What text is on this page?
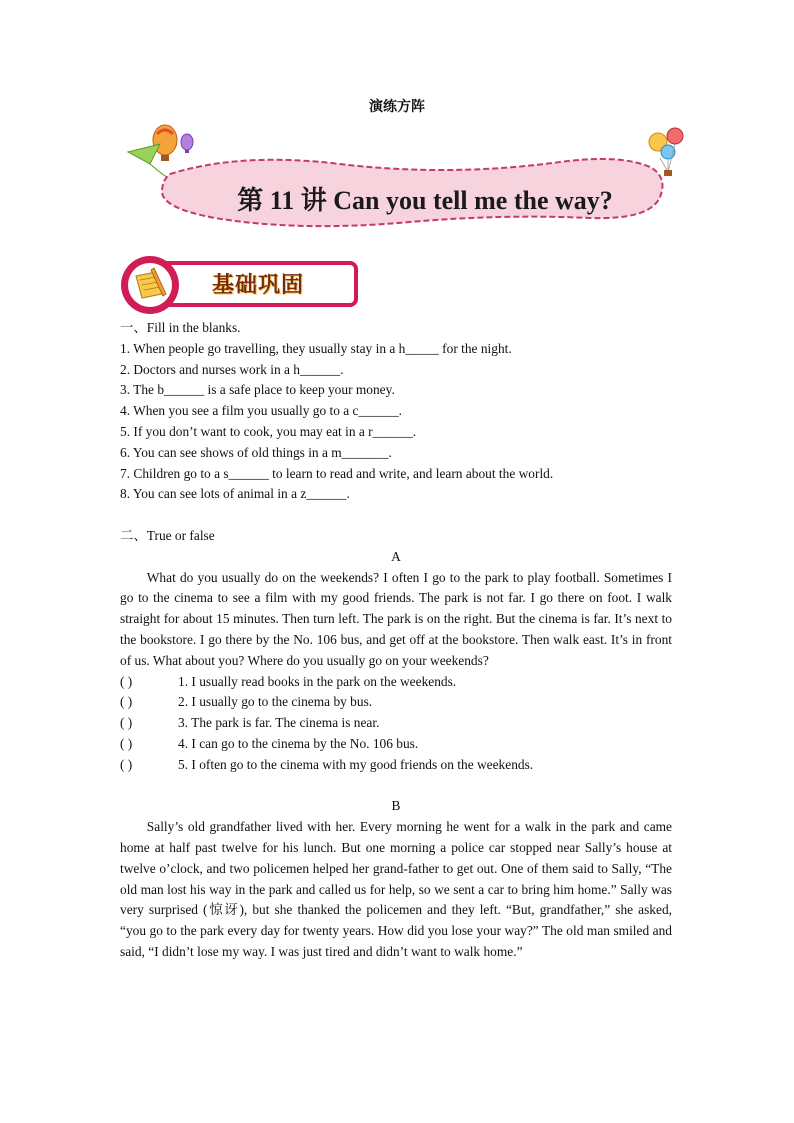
演练方阵
第 11 讲 Can you tell me the way?
基础巩固
一、Fill in the blanks.
1. When people go travelling, they usually stay in a h_____ for the night.
2. Doctors and nurses work in a h______.
3. The b______ is a safe place to keep your money.
4. When you see a film you usually go to a c______.
5. If you don’t want to cook, you may eat in a r______.
6. You can see shows of old things in a m_______.
7. Children go to a s______ to learn to read and write, and learn about the world.
8. You can see lots of animal in a z______.
二、True or false
A
What do you usually do on the weekends? I often I go to the park to play football. Sometimes I go to the cinema to see a film with my good friends. The park is not far. I go there on foot. I walk straight for about 15 minutes. Then turn left. The park is on the right. But the cinema is far. It’s next to the bookstore. I go there by the No. 106 bus, and get off at the bookstore. Then walk east. It’s in front of us. What about you? Where do you usually go on your weekends?
( )	1. I usually read books in the park on the weekends.
( )	2. I usually go to the cinema by bus.
( )	3. The park is far. The cinema is near.
( )	4. I can go to the cinema by the No. 106 bus.
( )	5. I often go to the cinema with my good friends on the weekends.
B
Sally’s old grandfather lived with her. Every morning he went for a walk in the park and came home at half past twelve for his lunch. But one morning a police car stopped near Sally’s house at twelve o’clock, and two policemen helped her grand-father to get out. One of them said to Sally, “The old man lost his way in the park and called us for help, so we sent a car to bring him home.” Sally was very surprised (惊讶), but she thanked the policemen and they left. “But, grandfather,” she asked, “you go to the park every day for twenty years. How did you lose your way?” The old man smiled and said, “I didn’t lose my way. I was just tired and didn’t want to walk home.”
